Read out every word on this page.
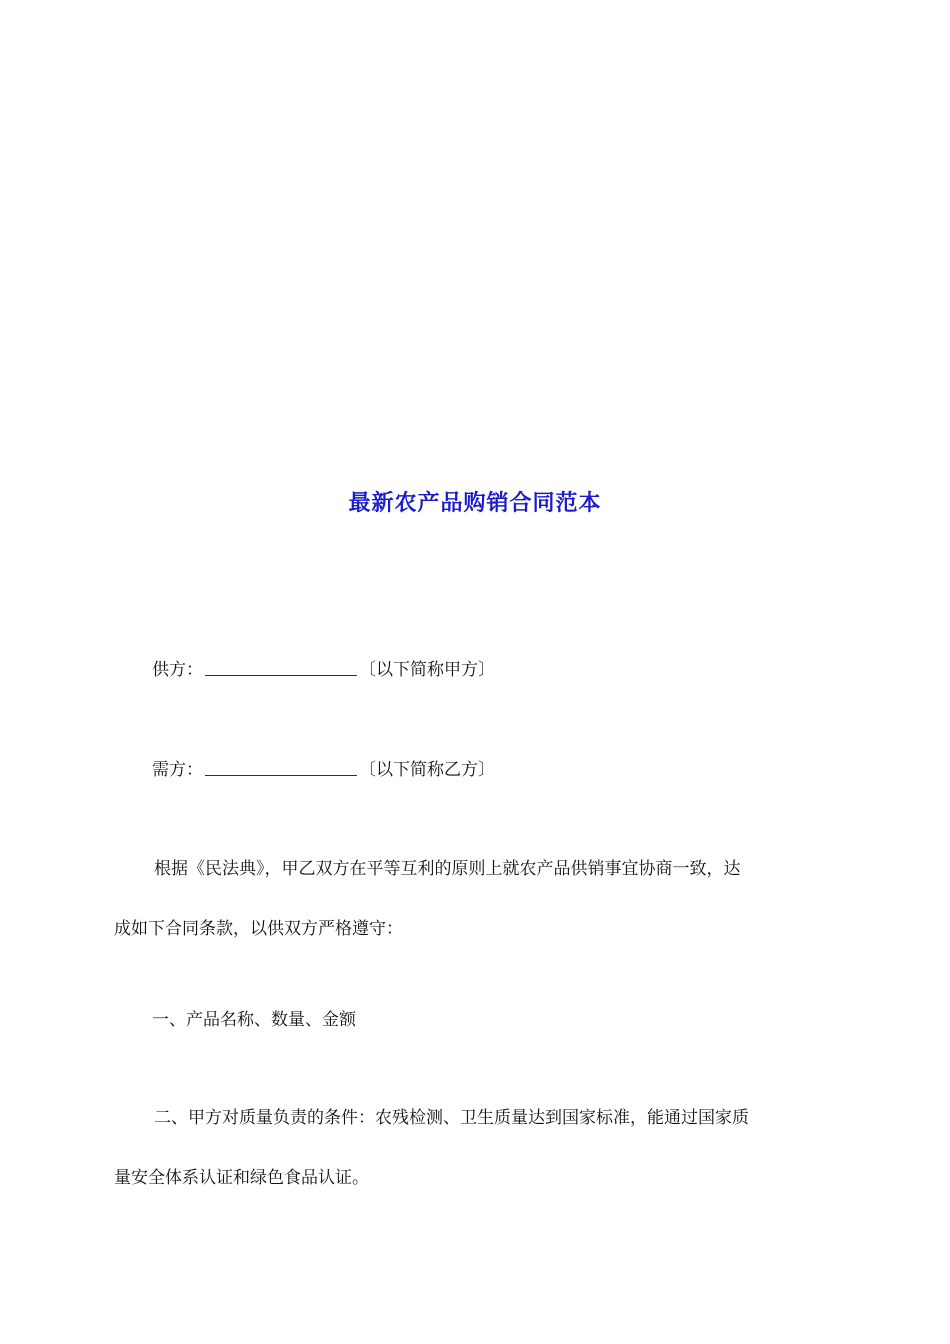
最新农产品购销合同范本
供方：	〔以下简称甲方〕
需方：	〔以下简称乙方〕
根据《民法典》，甲乙双方在平等互利的原则上就农产品供销事宜协商一致，达
成如下合同条款，以供双方严格遵守：
一、产品名称、数量、金额
二、甲方对质量负责的条件：农残检测、卫生质量达到国家标准，能通过国家质
量安全体系认证和绿色食品认证。
